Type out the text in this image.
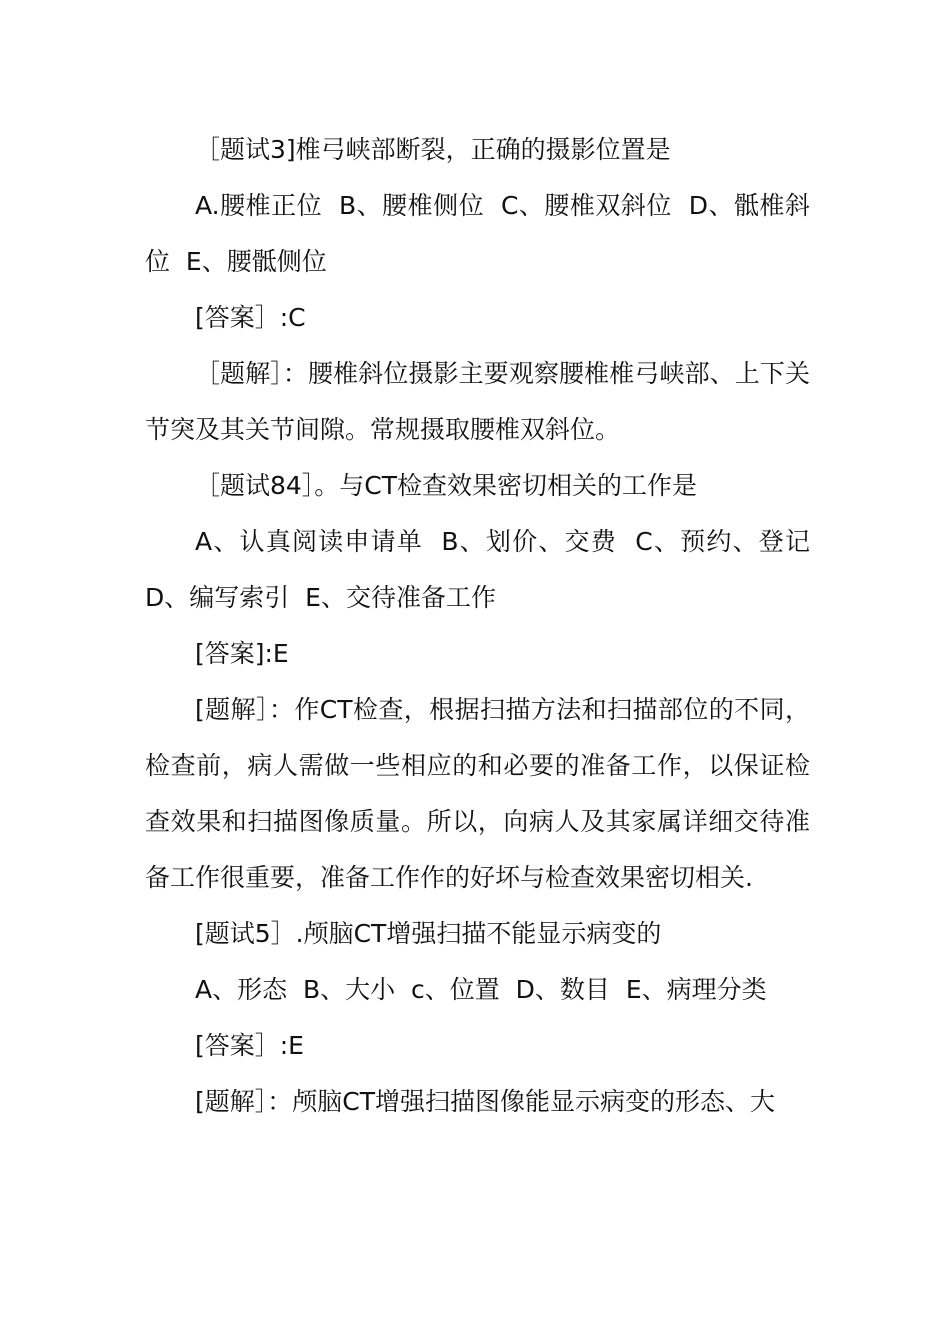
［题试3]椎弓峡部断裂，正确的摄影位置是

A.腰椎正位  B、腰椎侧位  C、腰椎双斜位  D、骶椎斜位  E、腰骶侧位

[答案］:C

［题解］：腰椎斜位摄影主要观察腰椎椎弓峡部、上下关节突及其关节间隙。常规摄取腰椎双斜位。

［题试84］。与CT检查效果密切相关的工作是

A、认真阅读申请单  B、划价、交费  C、预约、登记  D、编写索引  E、交待准备工作

[答案]:E

[题解］：作CT检查，根据扫描方法和扫描部位的不同，检查前，病人需做一些相应的和必要的准备工作，以保证检查效果和扫描图像质量。所以，向病人及其家属详细交待准备工作很重要，准备工作作的好坏与检查效果密切相关.

[题试5］.颅脑CT增强扫描不能显示病变的

A、形态  B、大小  c、位置  D、数目  E、病理分类

[答案］:E

[题解］：颅脑CT增强扫描图像能显示病变的形态、大
